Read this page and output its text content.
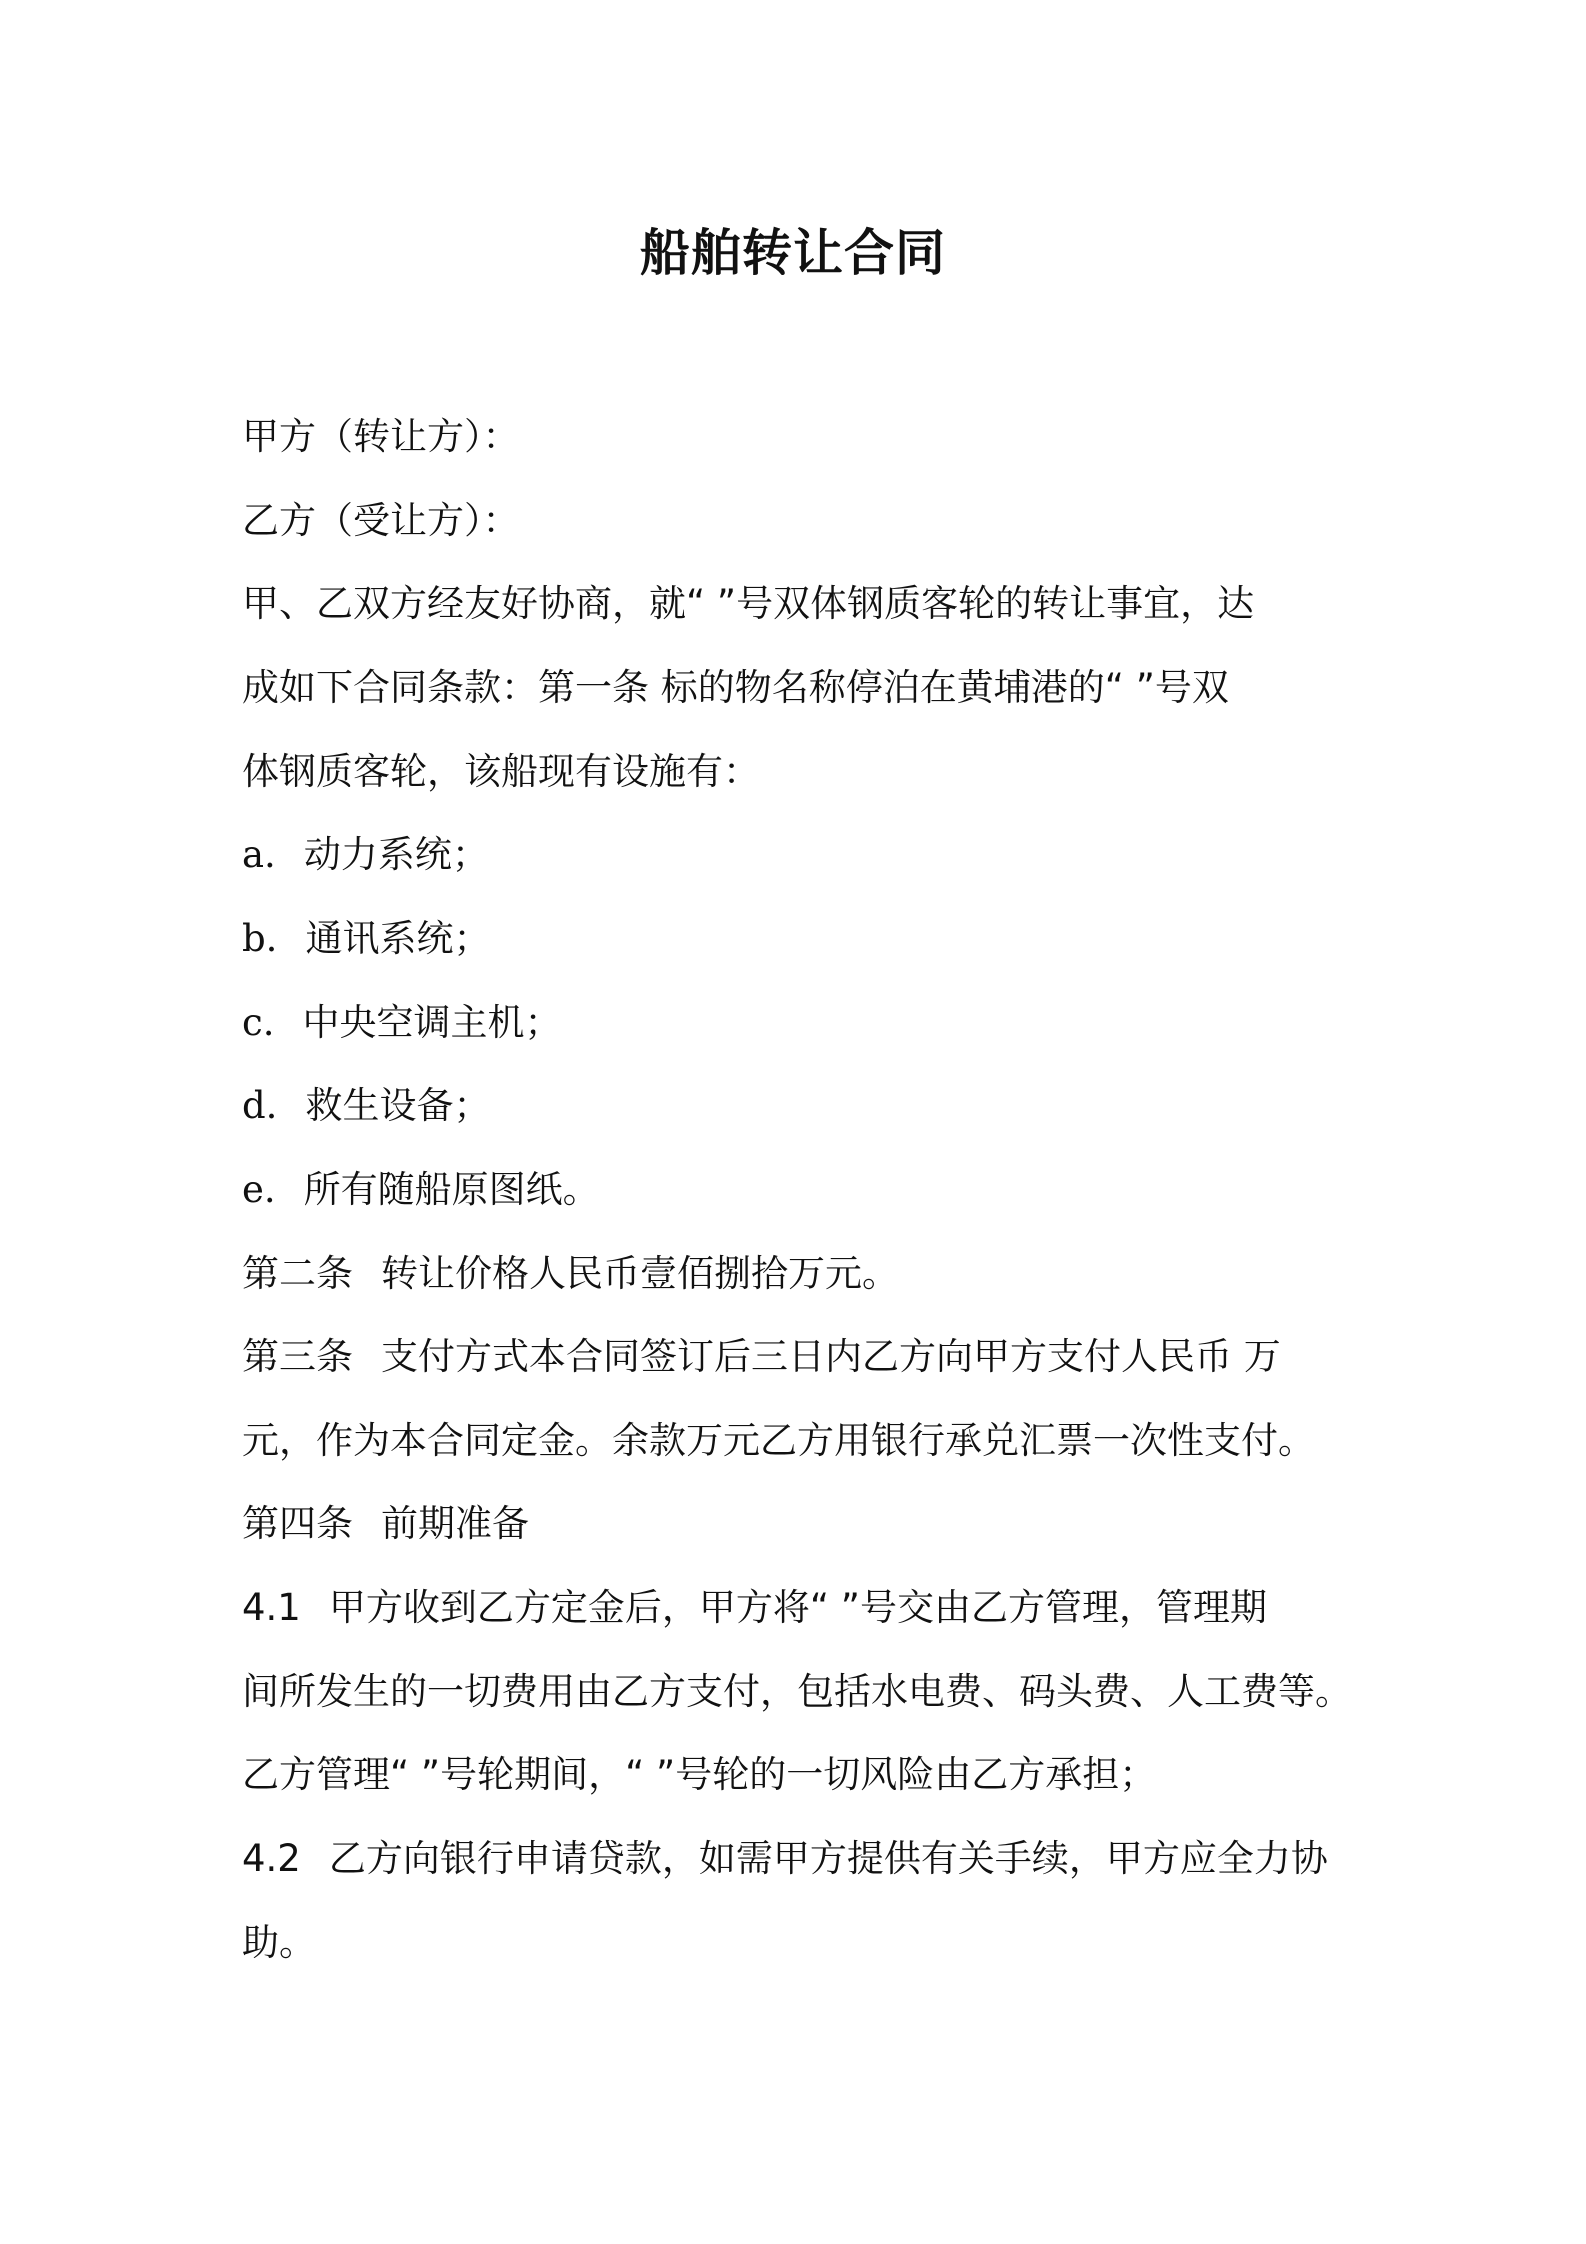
船舶转让合同
甲方（转让方）：
乙方（受让方）：
甲、乙双方经友好协商，就“ ”号双体钢质客轮的转让事宜，达
成如下合同条款：第一条 标的物名称停泊在黄埔港的“ ”号双
体钢质客轮，该船现有设施有：
a. 动力系统；
b. 通讯系统；
c. 中央空调主机；
d. 救生设备；
e. 所有随船原图纸。
第二条 转让价格人民币壹佰捌拾万元。
第三条 支付方式本合同签订后三日内乙方向甲方支付人民币 万
元，作为本合同定金。余款万元乙方用银行承兑汇票一次性支付。
第四条 前期准备
4.1 甲方收到乙方定金后，甲方将“ ”号交由乙方管理，管理期
间所发生的一切费用由乙方支付，包括水电费、码头费、人工费等。
乙方管理“ ”号轮期间，“ ”号轮的一切风险由乙方承担；
4.2 乙方向银行申请贷款，如需甲方提供有关手续，甲方应全力协
助。
